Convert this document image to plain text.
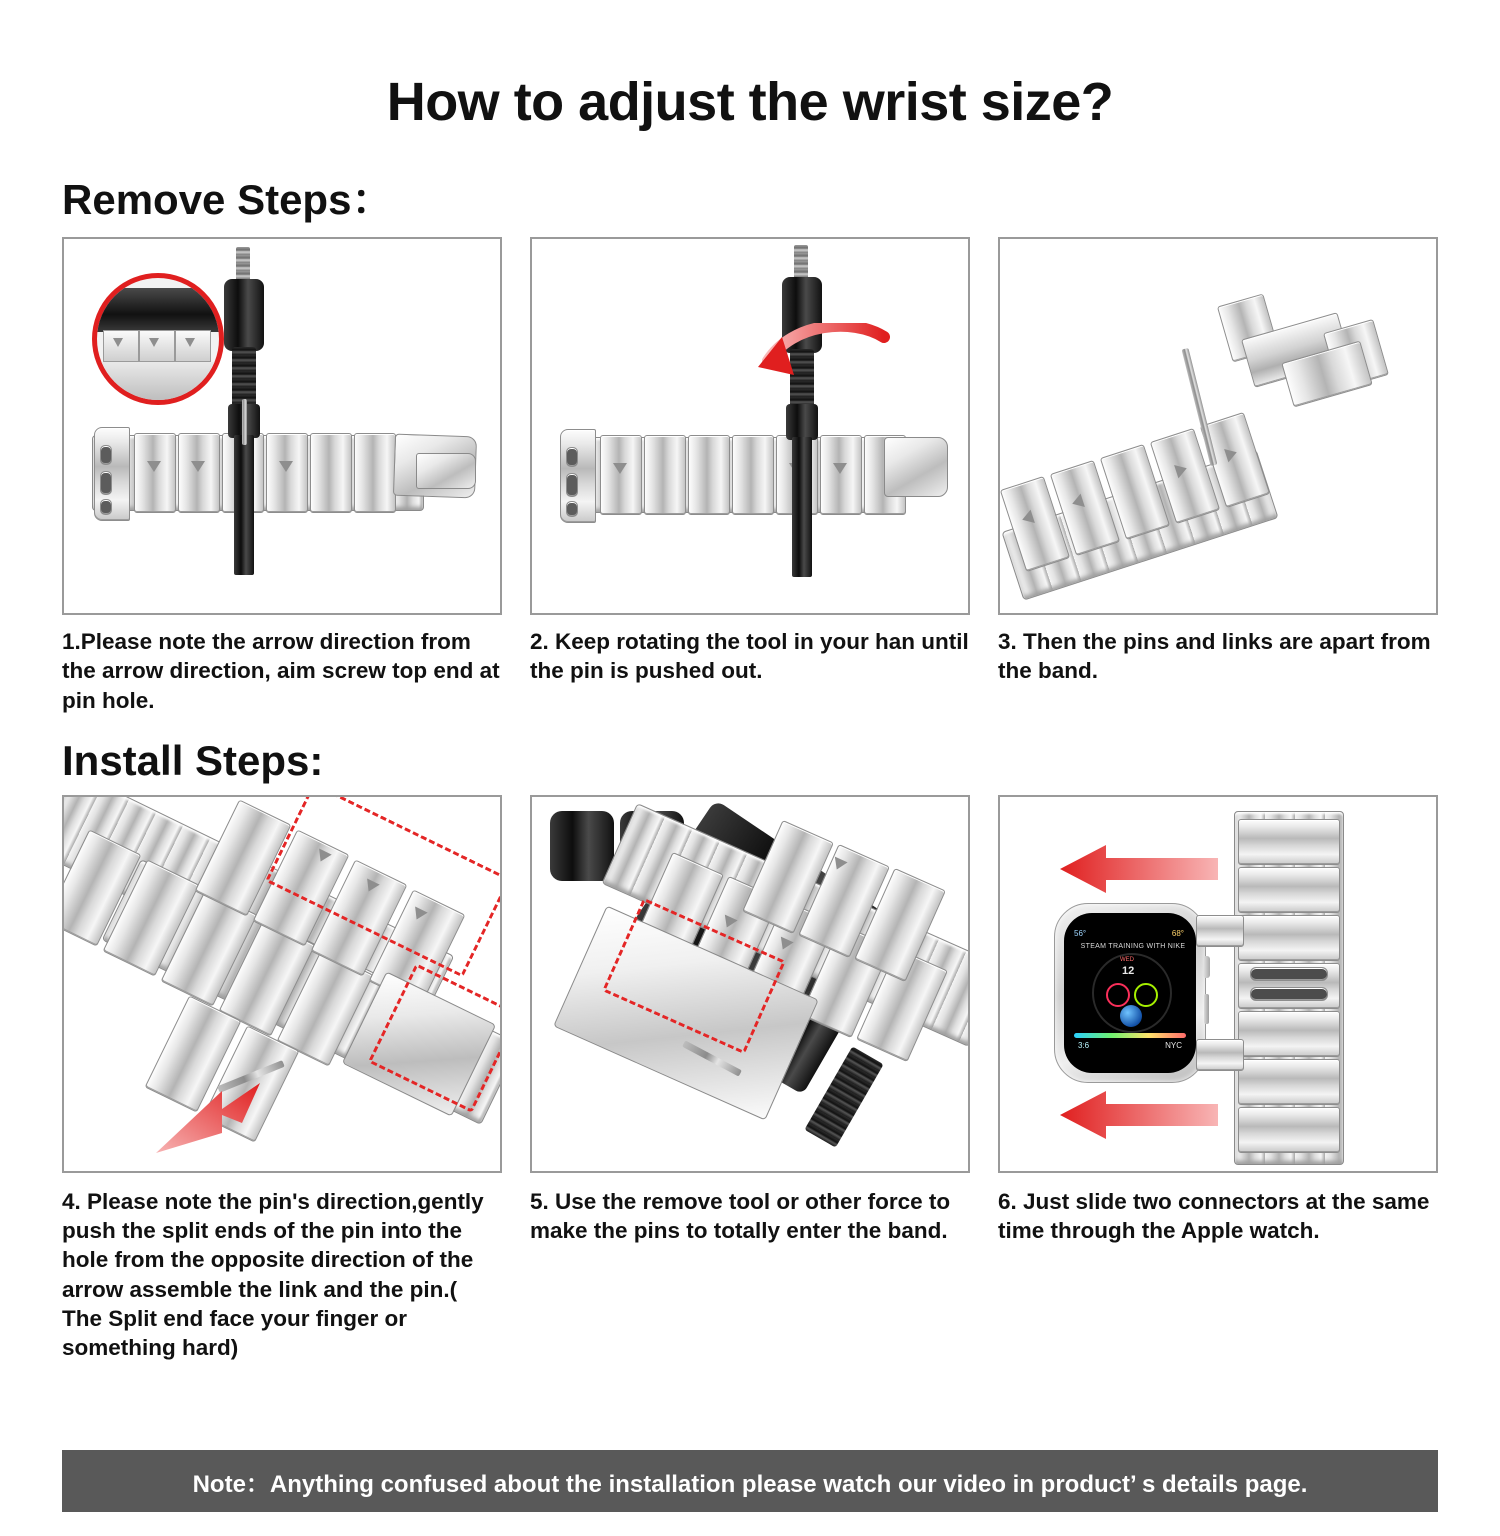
How to adjust the wrist size?
Remove Steps：
1.Please note the arrow direction from the arrow direction, aim screw top end at pin hole.
2. Keep rotating the tool in your han until the pin is pushed out.
3. Then the pins and links are apart from the band.
Install Steps:
4. Please note the pin's direction,gently push the split ends of the pin into the hole from the opposite direction of the arrow assemble the link and the pin.( The Split end face your finger or something hard)
5. Use the remove tool or other force to make the pins to totally enter the band.
56°	68°
STEAM TRAINING WITH NIKE
WED
12
3:6	NYC
6. Just slide two connectors at the same time through the Apple watch.
Note：Anything confused about the installation please watch our video in product’ s details page.
